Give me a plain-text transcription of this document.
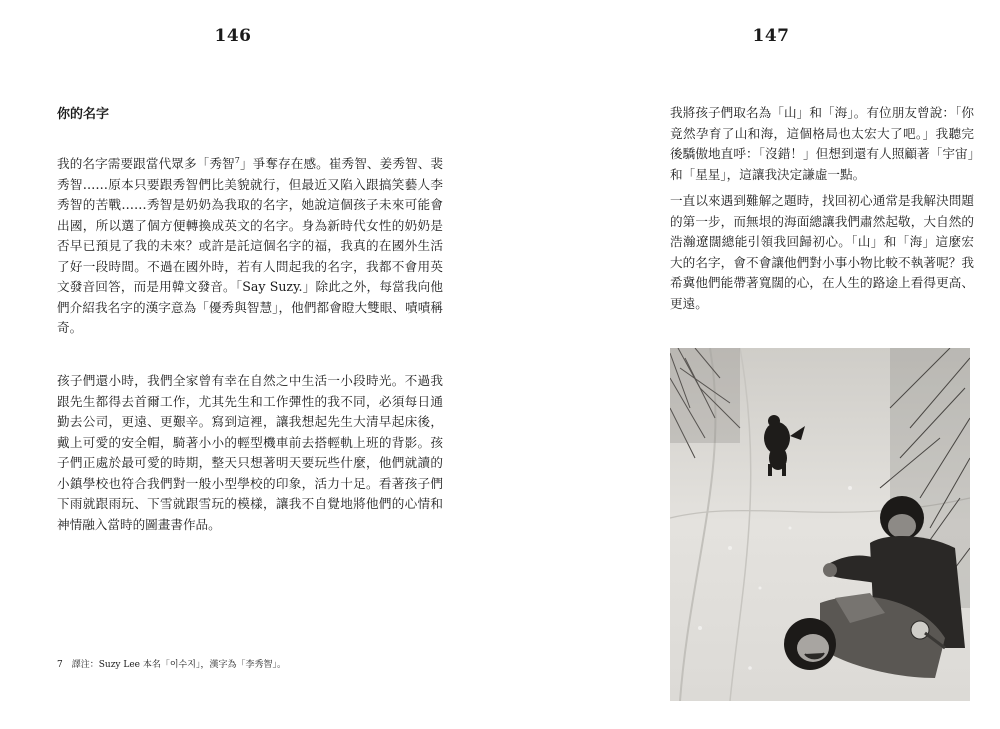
146
你的名字

我的名字需要跟當代眾多「秀智$^7$」爭奪存在感。崔秀智、姜秀智、裴秀智……原本只要跟秀智們比美貌就行，但最近又陷入跟搞笑藝人李秀智的苦戰……秀智是奶奶為我取的名字，她說這個孩子未來可能會出國，所以選了個方便轉換成英文的名字。身為新時代女性的奶奶是否早已預見了我的未來？或許是託這個名字的福，我真的在國外生活了好一段時間。不過在國外時，若有人問起我的名字，我都不會用英文發音回答，而是用韓文發音。「Say Suzy.」除此之外，每當我向他們介紹我名字的漢字意為「優秀與智慧」，他們都會瞪大雙眼、嘖嘖稱奇。

孩子們還小時，我們全家曾有幸在自然之中生活一小段時光。不過我跟先生都得去首爾工作，尤其先生和工作彈性的我不同，必須每日通勤去公司，更遠、更艱辛。寫到這裡，讓我想起先生大清早起床後，戴上可愛的安全帽，騎著小小的輕型機車前去搭輕軌上班的背影。孩子們正處於最可愛的時期，整天只想著明天要玩些什麼，他們就讀的小鎮學校也符合我們對一般小型學校的印象，活力十足。看著孩子們下雨就跟雨玩、下雪就跟雪玩的模樣，讓我不自覺地將他們的心情和神情融入當時的圖畫書作品。

7　譯注：Suzy Lee 本名「이수지」，漢字為「李秀智」。
147

我將孩子們取名為「山」和「海」。有位朋友曾說：「你竟然孕育了山和海，這個格局也太宏大了吧。」我聽完後驕傲地直呼：「沒錯！」但想到還有人照顧著「宇宙」和「星星」，這讓我決定謙虛一點。

一直以來遇到難解之題時，找回初心通常是我解決問題的第一步，而無垠的海面總讓我們肅然起敬，大自然的浩瀚遼闊總能引領我回歸初心。「山」和「海」這麼宏大的名字，會不會讓他們對小事小物比較不執著呢？我希冀他們能帶著寬闊的心，在人生的路途上看得更高、更遠。
